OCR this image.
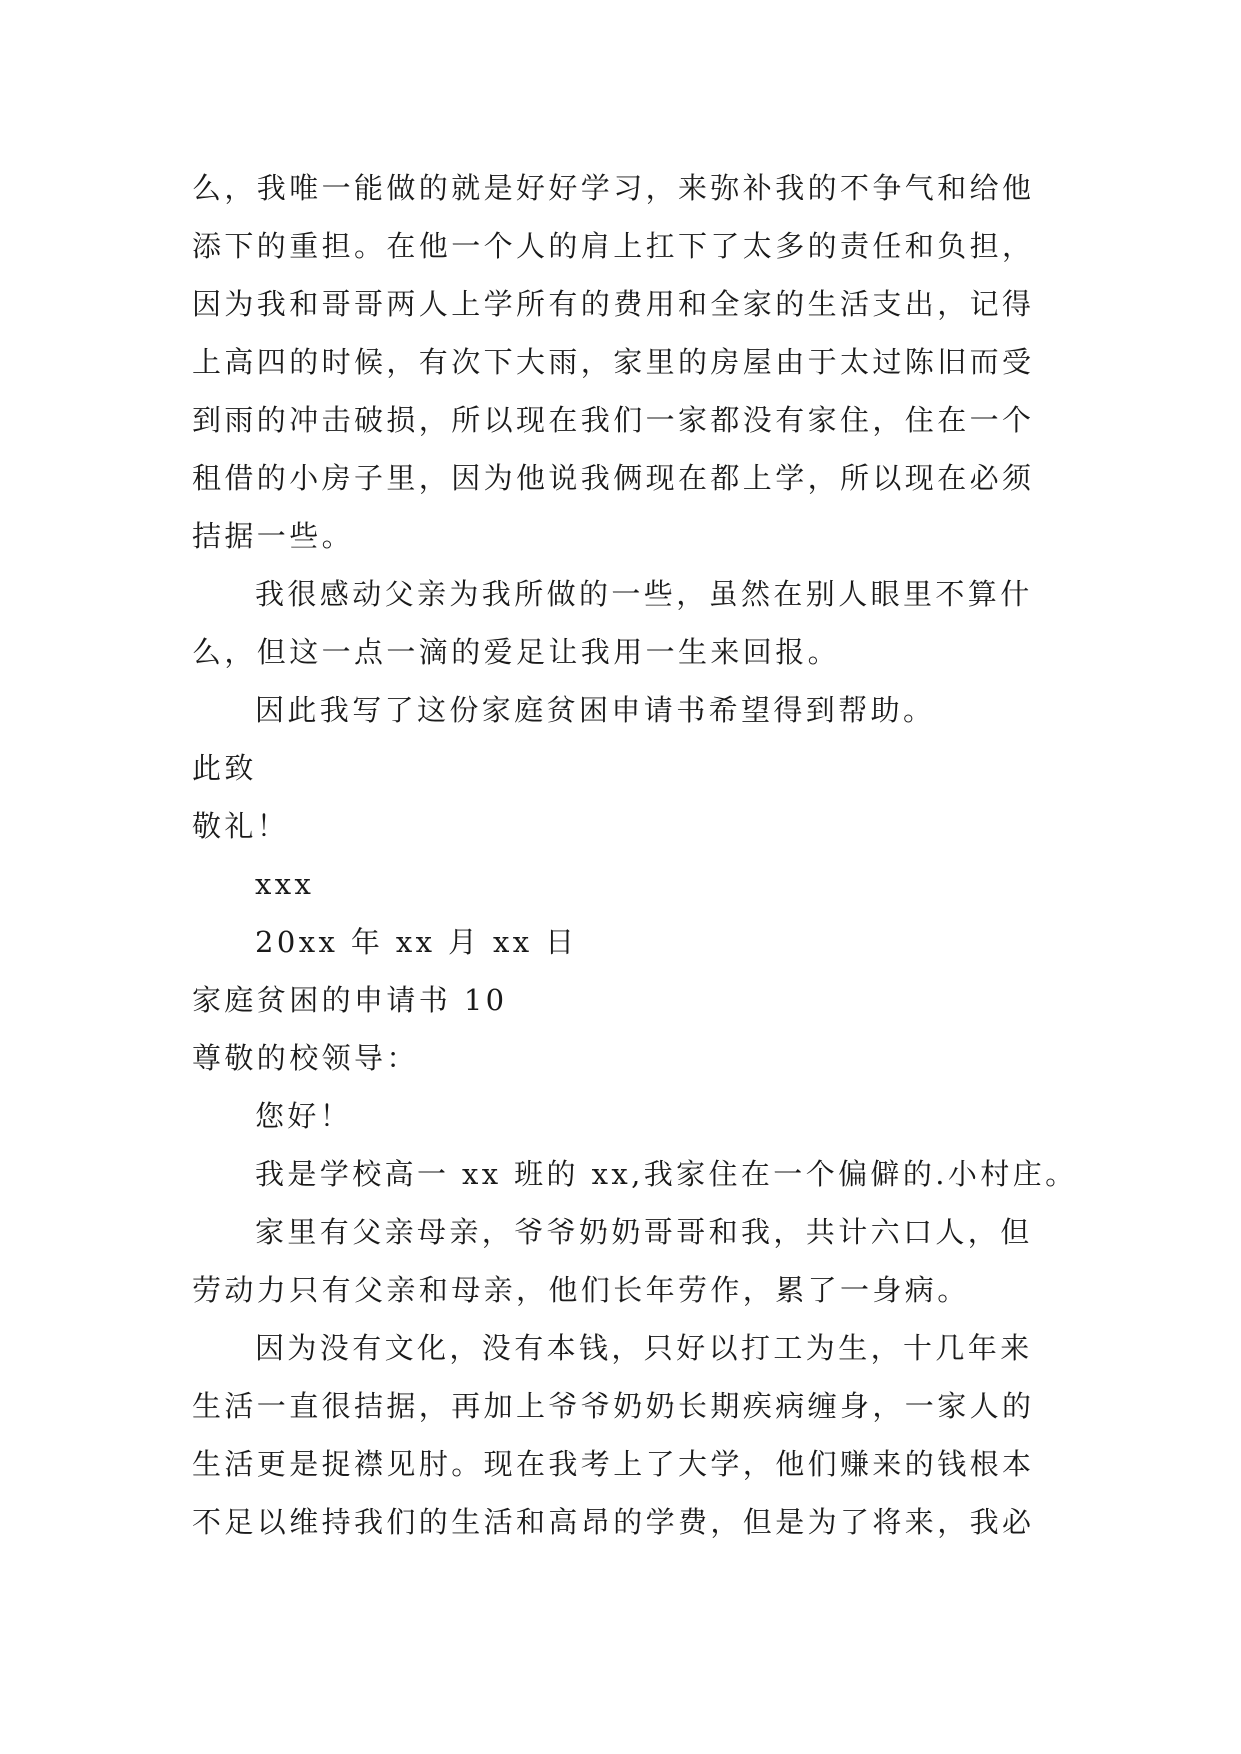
么，我唯一能做的就是好好学习，来弥补我的不争气和给他
添下的重担。在他一个人的肩上扛下了太多的责任和负担，
因为我和哥哥两人上学所有的费用和全家的生活支出，记得
上高四的时候，有次下大雨，家里的房屋由于太过陈旧而受
到雨的冲击破损，所以现在我们一家都没有家住，住在一个
租借的小房子里，因为他说我俩现在都上学，所以现在必须
拮据一些。
我很感动父亲为我所做的一些，虽然在别人眼里不算什
么，但这一点一滴的爱足让我用一生来回报。
因此我写了这份家庭贫困申请书希望得到帮助。
此致
敬礼！
xxx
20xx 年 xx 月 xx 日
家庭贫困的申请书 10
尊敬的校领导：
您好！
我是学校高一 xx 班的 xx,我家住在一个偏僻的.小村庄。
家里有父亲母亲，爷爷奶奶哥哥和我，共计六口人，但
劳动力只有父亲和母亲，他们长年劳作，累了一身病。
因为没有文化，没有本钱，只好以打工为生，十几年来
生活一直很拮据，再加上爷爷奶奶长期疾病缠身，一家人的
生活更是捉襟见肘。现在我考上了大学，他们赚来的钱根本
不足以维持我们的生活和高昂的学费，但是为了将来，我必
